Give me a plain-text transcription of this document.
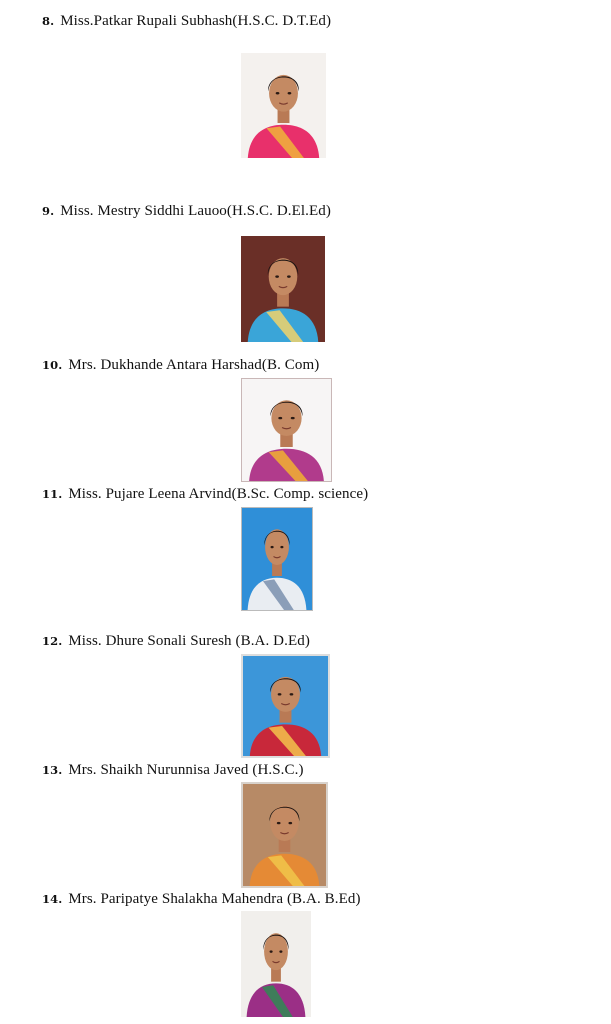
8. Miss.Patkar Rupali Subhash(H.S.C. D.T.Ed)
9. Miss. Mestry Siddhi Lauoo(H.S.C. D.El.Ed)
10. Mrs. Dukhande Antara Harshad(B. Com)
11. Miss. Pujare Leena Arvind(B.Sc. Comp. science)
12. Miss. Dhure Sonali Suresh (B.A. D.Ed)
13. Mrs. Shaikh Nurunnisa Javed (H.S.C.)
14. Mrs. Paripatye Shalakha Mahendra (B.A. B.Ed)
